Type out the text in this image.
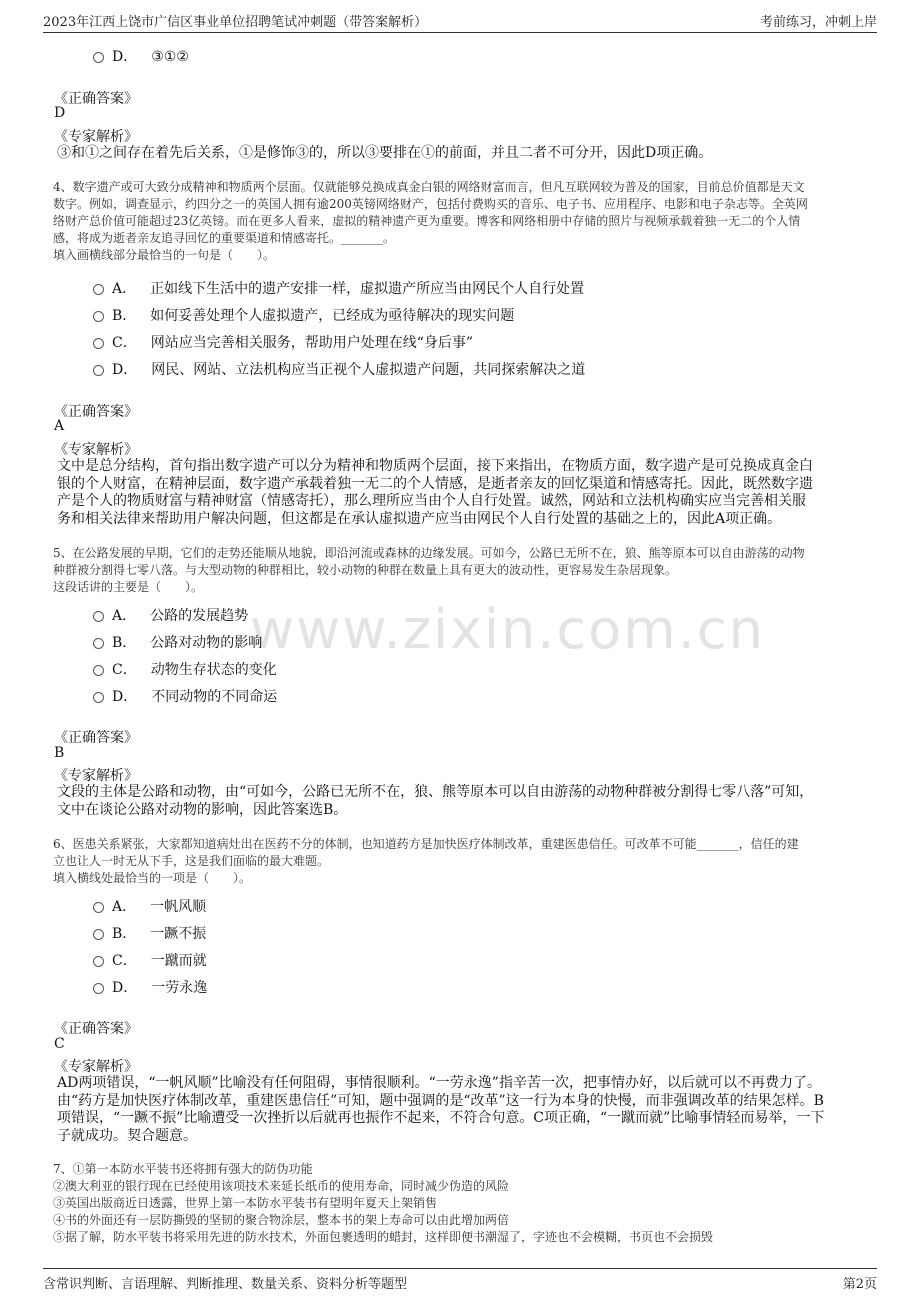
2023年江西上饶市广信区事业单位招聘笔试冲刺题（带答案解析）	考前练习，冲刺上岸
www.zixin.com.cn
D． ③①②
《正确答案》
D
《专家解析》
③和①之间存在着先后关系，①是修饰③的，所以③要排在①的前面，并且二者不可分开，因此D项正确。
4、数字遗产或可大致分成精神和物质两个层面。仅就能够兑换成真金白银的网络财富而言，但凡互联网较为普及的国家，目前总价值都是天文
数字。例如，调查显示，约四分之一的英国人拥有逾200英镑网络财产，包括付费购买的音乐、电子书、应用程序、电影和电子杂志等。全英网
络财产总价值可能超过23亿英镑。而在更多人看来，虚拟的精神遗产更为重要。博客和网络相册中存储的照片与视频承载着独一无二的个人情
感，将成为逝者亲友追寻回忆的重要渠道和情感寄托。_______。
填入画横线部分最恰当的一句是（　　）。
A． 正如线下生活中的遗产安排一样，虚拟遗产所应当由网民个人自行处置
B． 如何妥善处理个人虚拟遗产，已经成为亟待解决的现实问题
C． 网站应当完善相关服务，帮助用户处理在线“身后事”
D． 网民、网站、立法机构应当正视个人虚拟遗产问题，共同探索解决之道
《正确答案》
A
《专家解析》
文中是总分结构，首句指出数字遗产可以分为精神和物质两个层面，接下来指出，在物质方面，数字遗产是可兑换成真金白
银的个人财富，在精神层面，数字遗产承载着独一无二的个人情感，是逝者亲友的回忆渠道和情感寄托。因此，既然数字遗
产是个人的物质财富与精神财富（情感寄托），那么理所应当由个人自行处置。诚然，网站和立法机构确实应当完善相关服
务和相关法律来帮助用户解决问题，但这都是在承认虚拟遗产应当由网民个人自行处置的基础之上的，因此A项正确。
5、在公路发展的早期，它们的走势还能顺从地貌，即沿河流或森林的边缘发展。可如今，公路已无所不在，狼、熊等原本可以自由游荡的动物
种群被分割得七零八落。与大型动物的种群相比，较小动物的种群在数量上具有更大的波动性，更容易发生杂居现象。
这段话讲的主要是（　　）。
A． 公路的发展趋势
B． 公路对动物的影响
C． 动物生存状态的变化
D． 不同动物的不同命运
《正确答案》
B
《专家解析》
文段的主体是公路和动物，由“可如今，公路已无所不在，狼、熊等原本可以自由游荡的动物种群被分割得七零八落”可知，
文中在谈论公路对动物的影响，因此答案选B。
6、医患关系紧张，大家都知道病灶出在医药不分的体制，也知道药方是加快医疗体制改革，重建医患信任。可改革不可能_______，信任的建
立也让人一时无从下手，这是我们面临的最大难题。
填入横线处最恰当的一项是（　　）。
A． 一帆风顺
B． 一蹶不振
C． 一蹴而就
D． 一劳永逸
《正确答案》
C
《专家解析》
AD两项错误，“一帆风顺”比喻没有任何阻碍，事情很顺利。“一劳永逸”指辛苦一次，把事情办好，以后就可以不再费力了。
由“药方是加快医疗体制改革，重建医患信任”可知，题中强调的是“改革”这一行为本身的快慢，而非强调改革的结果怎样。B
项错误，“一蹶不振”比喻遭受一次挫折以后就再也振作不起来，不符合句意。C项正确，“一蹴而就”比喻事情轻而易举，一下
子就成功。契合题意。
7、①第一本防水平装书还将拥有强大的防伪功能
②澳大利亚的银行现在已经使用该项技术来延长纸币的使用寿命，同时减少伪造的风险
③英国出版商近日透露，世界上第一本防水平装书有望明年夏天上架销售
④书的外面还有一层防撕毁的坚韧的聚合物涂层，整本书的架上寿命可以由此增加两倍
⑤据了解，防水平装书将采用先进的防水技术，外面包裹透明的蜡封，这样即便书潮湿了，字迹也不会模糊，书页也不会损毁
含常识判断、言语理解、判断推理、数量关系、资料分析等题型	第2页
